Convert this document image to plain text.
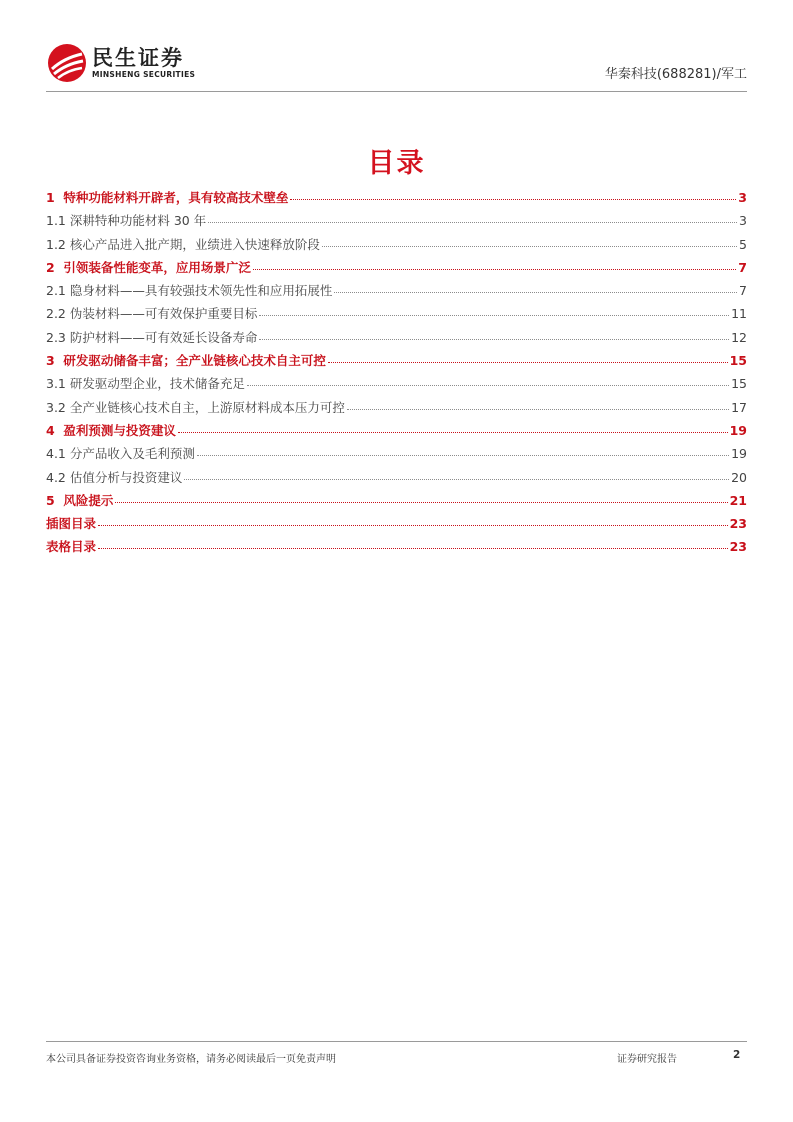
民生证券
MINSHENG SECURITIES	华秦科技(688281)/军工
目录
1 特种功能材料开辟者，具有较高技术壁垒	3
1.1 深耕特种功能材料 30 年	3
1.2 核心产品进入批产期，业绩进入快速释放阶段	5
2 引领装备性能变革，应用场景广泛	7
2.1 隐身材料——具有较强技术领先性和应用拓展性	7
2.2 伪装材料——可有效保护重要目标	11
2.3 防护材料——可有效延长设备寿命	12
3 研发驱动储备丰富；全产业链核心技术自主可控	15
3.1 研发驱动型企业，技术储备充足	15
3.2 全产业链核心技术自主，上游原材料成本压力可控	17
4 盈利预测与投资建议	19
4.1 分产品收入及毛利预测	19
4.2 估值分析与投资建议	20
5 风险提示	21
插图目录	23
表格目录	23
本公司具备证券投资咨询业务资格，请务必阅读最后一页免责声明	证券研究报告	2
